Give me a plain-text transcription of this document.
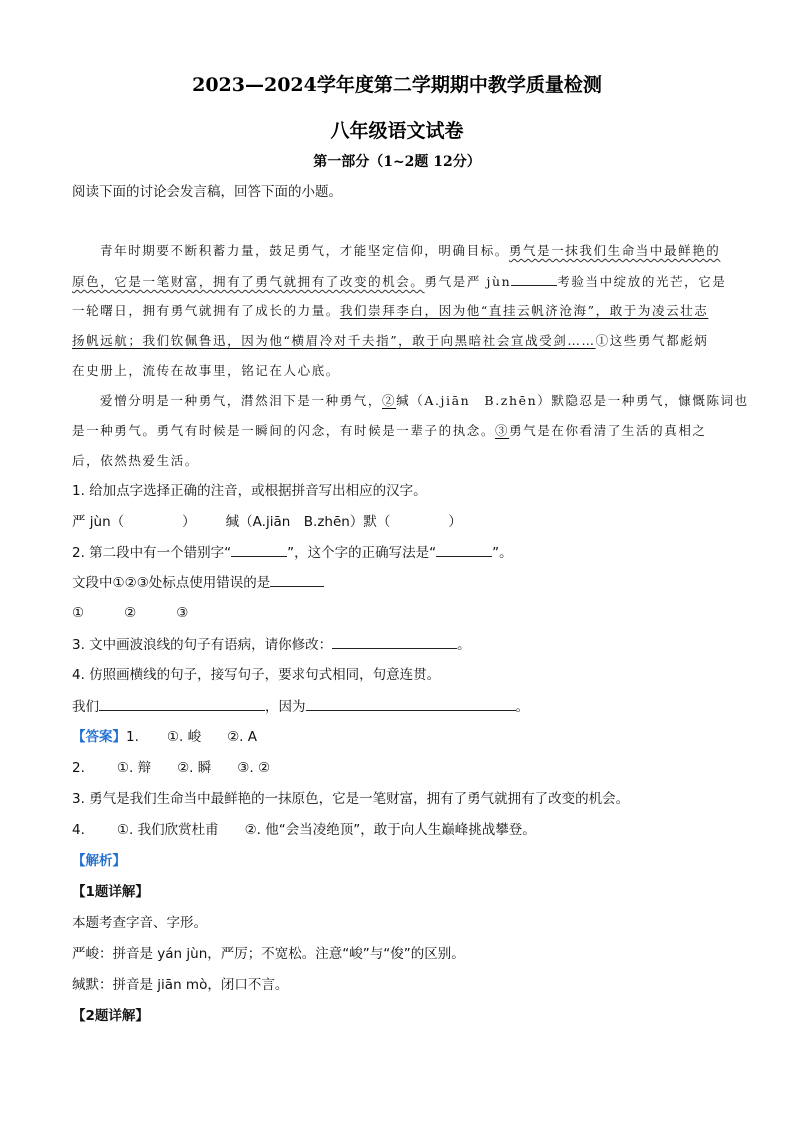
2023—2024学年度第二学期期中教学质量检测
八年级语文试卷
第一部分（1~2题 12分）
阅读下面的讨论会发言稿，回答下面的小题。
青年时期要不断积蓄力量，鼓足勇气，才能坚定信仰，明确目标。勇气是一抹我们生命当中最鲜艳的
原色，它是一笔财富，拥有了勇气就拥有了改变的机会。勇气是严 jùn	考验当中绽放的光芒，它是
一轮曙日，拥有勇气就拥有了成长的力量。我们崇拜李白，因为他“直挂云帆济沧海”，敢于为凌云壮志
扬帆远航；我们钦佩鲁迅，因为他“横眉冷对千夫指”，敢于向黑暗社会宣战受剑……①这些勇气都彪炳
在史册上，流传在故事里，铭记在人心底。
爱憎分明是一种勇气，潸然泪下是一种勇气，②缄（A.jiān　B.zhēn）默隐忍是一种勇气，慷慨陈词也
是一种勇气。勇气有时候是一瞬间的闪念，有时候是一辈子的执念。③勇气是在你看清了生活的真相之
后，依然热爱生活。
1. 给加点字选择正确的注音，或根据拼音写出相应的汉字。
严 jùn（	） 缄（A.jiān　B.zhēn）默（	）
2. 第二段中有一个错别字“	”，这个字的正确写法是“	”。
文段中①②③处标点使用错误的是
①	②	③
3. 文中画波浪线的句子有语病，请你修改：	。
4. 仿照画横线的句子，接写句子，要求句式相同，句意连贯。
我们	，因为	。
【答案】1. ①. 峻 ②. A
2. ①. 辩 ②. 瞬 ③. ②
3. 勇气是我们生命当中最鲜艳的一抹原色，它是一笔财富，拥有了勇气就拥有了改变的机会。
4. ①. 我们欣赏杜甫 ②. 他“会当凌绝顶”，敢于向人生巅峰挑战攀登。
【解析】
【1题详解】
本题考查字音、字形。
严峻：拼音是 yán jùn，严厉；不宽松。注意“峻”与“俊”的区别。
缄默：拼音是 jiān mò，闭口不言。
【2题详解】
